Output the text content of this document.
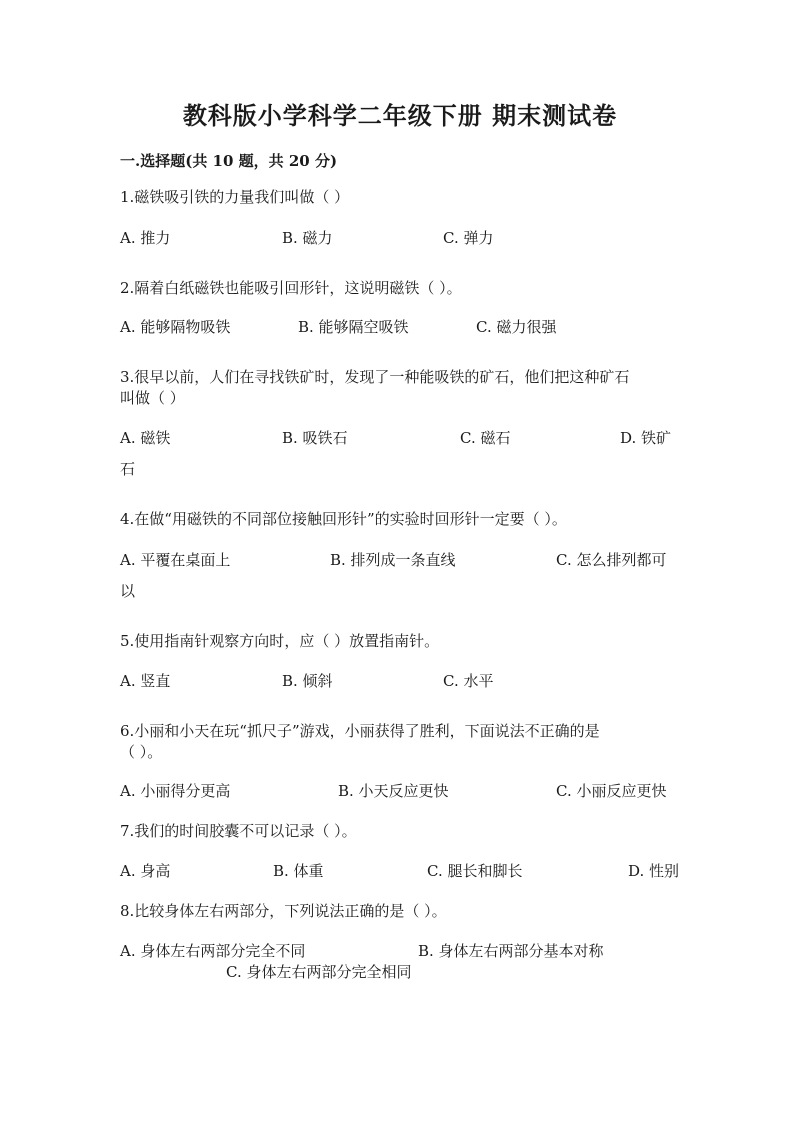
教科版小学科学二年级下册 期末测试卷
一.选择题(共 10 题，共 20 分)
1.磁铁吸引铁的力量我们叫做（ ）
A. 推力	B. 磁力	C. 弹力
2.隔着白纸磁铁也能吸引回形针，这说明磁铁（ ）。
A. 能够隔物吸铁	B. 能够隔空吸铁	C. 磁力很强
3.很早以前，人们在寻找铁矿时，发现了一种能吸铁的矿石，他们把这种矿石
叫做（ ）
A. 磁铁	B. 吸铁石	C. 磁石	D. 铁矿
石
4.在做“用磁铁的不同部位接触回形针”的实验时回形针一定要（ ）。
A. 平覆在桌面上	B. 排列成一条直线	C. 怎么排列都可
以
5.使用指南针观察方向时，应（ ）放置指南针。
A. 竖直	B. 倾斜	C. 水平
6.小丽和小天在玩“抓尺子”游戏，小丽获得了胜利，下面说法不正确的是
（ ）。
A. 小丽得分更高	B. 小天反应更快	C. 小丽反应更快
7.我们的时间胶囊不可以记录（ ）。
A. 身高	B. 体重	C. 腿长和脚长	D. 性别
8.比较身体左右两部分，下列说法正确的是（ ）。
A. 身体左右两部分完全不同	B. 身体左右两部分基本对称
C. 身体左右两部分完全相同
